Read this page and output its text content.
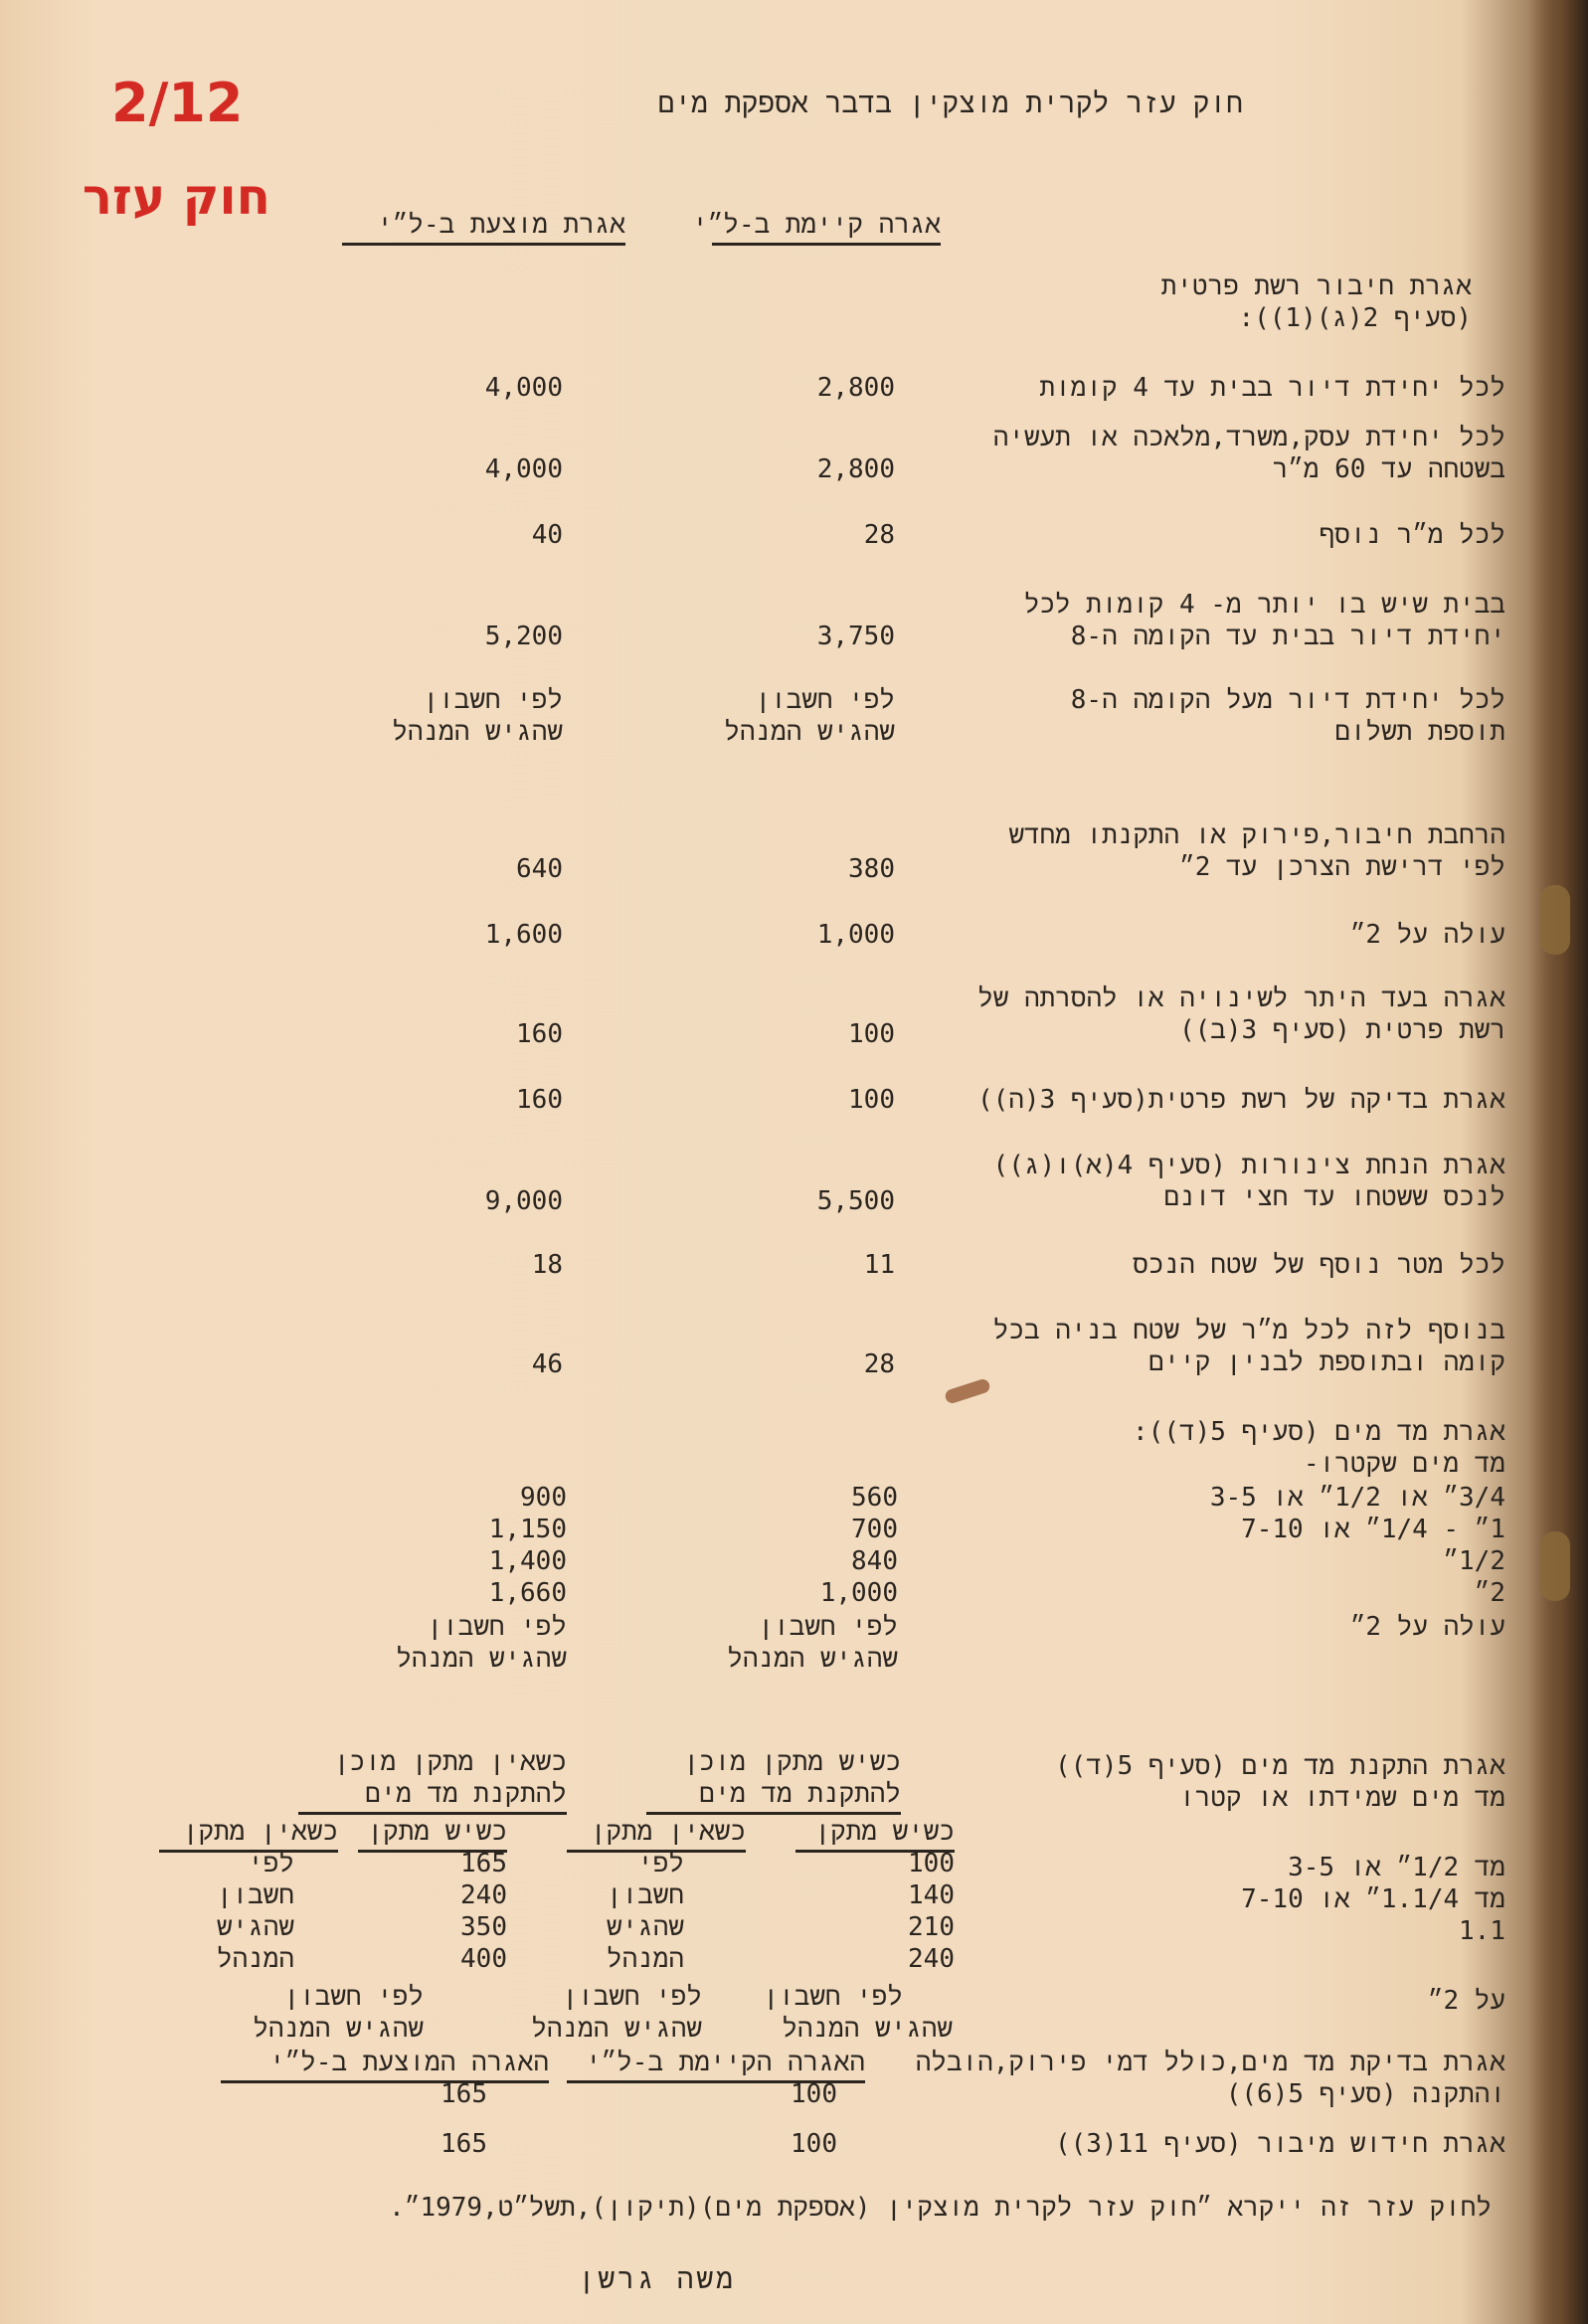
2/12
חוק עזר
חוק עזר לקרית מוצקין בדבר אספקת מים
אגרה קיימת ב-ל״י
אגרת מוצעת ב-ל״י
אגרת חיבור רשת פרטית
(סעיף 2(ג)(1)):
לכל יחידת דיור בבית עד 4 קומות
2,800
4,000
לכל יחידת עסק,משרד,מלאכה או תעשיה
בשטחה עד 60 מ״ר
2,800
4,000
לכל מ״ר נוסף
28
40
בבית שיש בו יותר מ- 4 קומות לכל
יחידת דיור בבית עד הקומה ה-8
3,750
5,200
לכל יחידת דיור מעל הקומה ה-8
תוספת תשלום
לפי חשבון
שהגיש המנהל
לפי חשבון
שהגיש המנהל
הרחבת חיבור,פירוק או התקנתו מחדש
לפי דרישת הצרכן עד 2״
380
640
עולה על 2״
1,000
1,600
אגרה בעד היתר לשינויה או להסרתה של
רשת פרטית (סעיף 3(ב))
100
160
אגרת בדיקה של רשת פרטית(סעיף 3(ה))
100
160
אגרת הנחת צינורות (סעיף 4(א)ו(ג))
לנכס ששטחו עד חצי דונם
5,500
9,000
לכל מטר נוסף של שטח הנכס
11
18
בנוסף לזה לכל מ״ר של שטח בניה בכל
קומה ובתוספת לבנין קיים
28
46
אגרת מד מים (סעיף 5(ד)):
מד מים שקטרו-
3/4״ או 1/2״ או 3-5
1״ - 1/4״ או 7-10
1/2״
2״
עולה על 2״
560
700
840
1,000
לפי חשבון
שהגיש המנהל
900
1,150
1,400
1,660
לפי חשבון
שהגיש המנהל
אגרת התקנת מד מים (סעיף 5(ד))
מד מים שמידתו או קטרו
כשיש מתקן מוכן
להתקנת מד מים
כשאין מתקן מוכן
להתקנת מד מים
כשיש מתקן
כשאין מתקן
כשיש מתקן
כשאין מתקן
מד 1/2״ או 3-5
מד 1.1/4״ או 7-10
1.1
על 2״
100
140
210
240
לפי
חשבון
שהגיש
המנהל
165
240
350
400
לפי
חשבון
שהגיש
המנהל
לפי חשבון
שהגיש המנהל
לפי חשבון
שהגיש המנהל
לפי חשבון
שהגיש המנהל
אגרת בדיקת מד מים,כולל דמי פירוק,הובלה
והתקנה (סעיף 5(6))
האגרה הקיימת ב-ל״י
האגרה המוצעת ב-ל״י
100
165
אגרת חידוש מיבור (סעיף 11(3))
100
165
לחוק עזר זה ייקרא ״חוק עזר לקרית מוצקין (אספקת מים)(תיקון),תשל״ט,1979״.
משה גרשן
